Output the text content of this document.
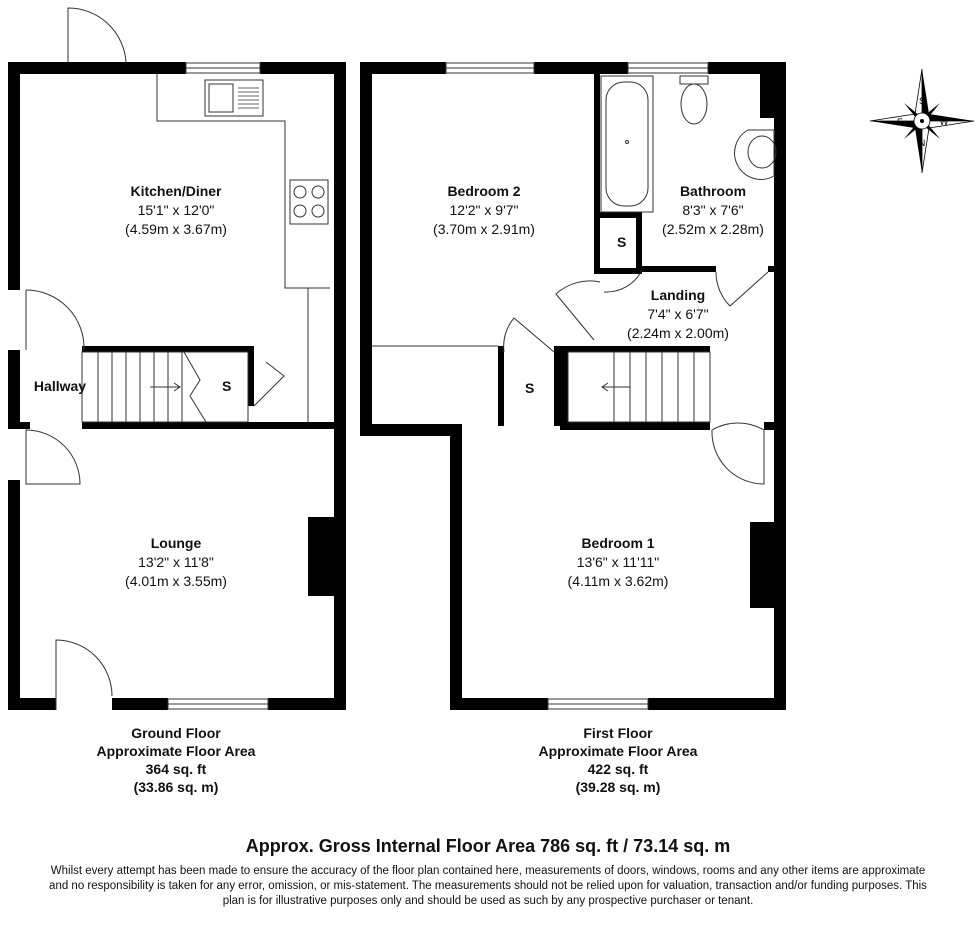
S
N
E	W
Kitchen/Diner
15'1" x 12'0"
(4.59m x 3.67m)
Hallway	S
Lounge
13'2" x 11'8"
(4.01m x 3.55m)
Bedroom 2
12'2" x 9'7"
(3.70m x 2.91m)
Bathroom
8'3" x 7'6"
(2.52m x 2.28m)
S
Landing
7'4" x 6'7"
(2.24m x 2.00m)
S
Bedroom 1
13'6" x 11'11"
(4.11m x 3.62m)
Ground Floor
Approximate Floor Area
364 sq. ft
(33.86 sq. m)
First Floor
Approximate Floor Area
422 sq. ft
(39.28 sq. m)
Approx. Gross Internal Floor Area 786 sq. ft / 73.14 sq. m
Whilst every attempt has been made to ensure the accuracy of the floor plan contained here, measurements of doors, windows, rooms and any other items are approximate and no responsibility is taken for any error, omission, or mis-statement. The measurements should not be relied upon for valuation, transaction and/or funding purposes. This plan is for illustrative purposes only and should be used as such by any prospective purchaser or tenant.
